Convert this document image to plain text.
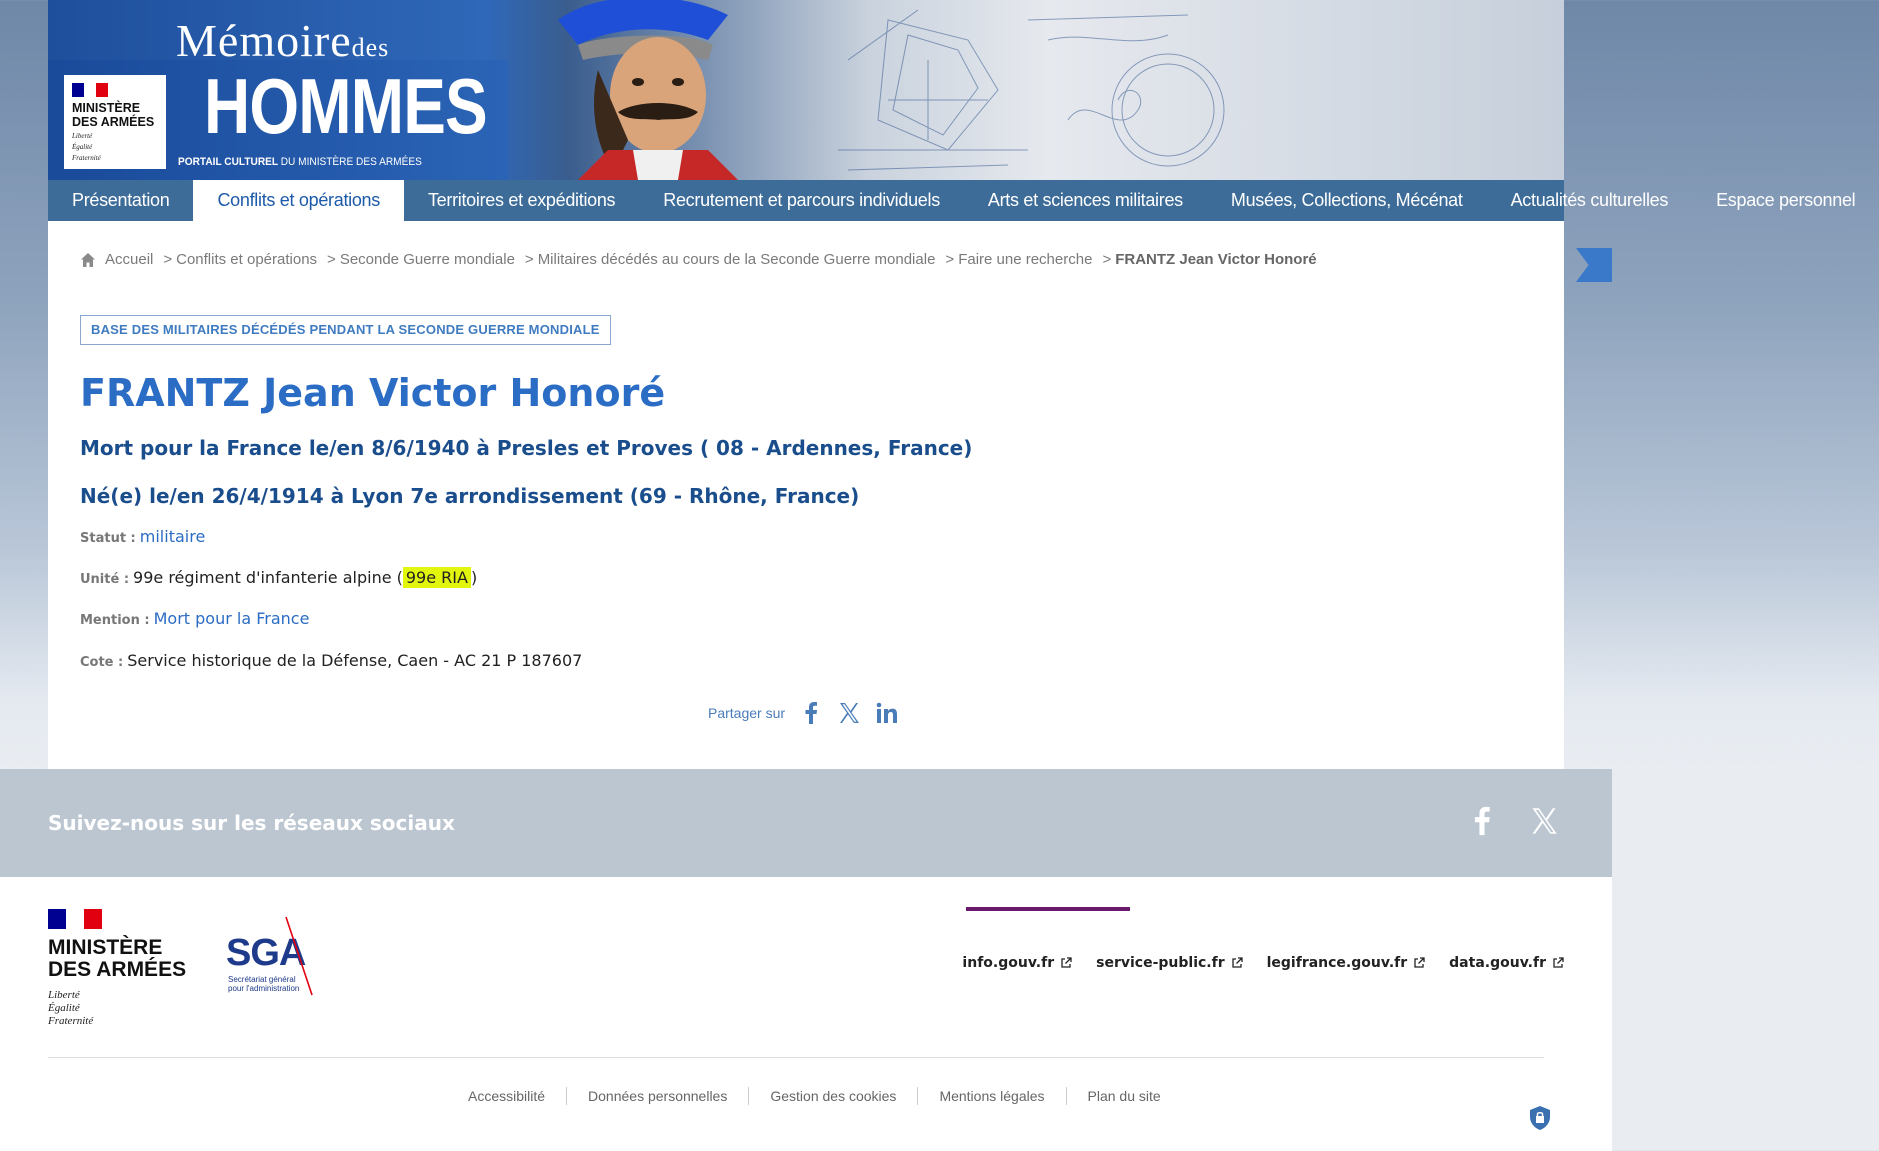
MINISTÈRE
DES ARMÉES
Liberté
Égalité
Fraternité
Mémoiredes
HOMMES
PORTAIL CULTUREL DU MINISTÈRE DES ARMÉES
Présentation	Conflits et opérations	Territoires et expéditions	Recrutement et parcours individuels	Arts et sciences militaires	Musées, Collections, Mécénat	Actualités culturelles	Espace personnel
Accueil > Conflits et opérations > Seconde Guerre mondiale > Militaires décédés au cours de la Seconde Guerre mondiale > Faire une recherche > FRANTZ Jean Victor Honoré
BASE DES MILITAIRES DÉCÉDÉS PENDANT LA SECONDE GUERRE MONDIALE
FRANTZ Jean Victor Honoré
Mort pour la France le/en 8/6/1940 à Presles et Proves ( 08 - Ardennes, France)
Né(e) le/en 26/4/1914 à Lyon 7e arrondissement (69 - Rhône, France)
Statut : militaire
Unité : 99e régiment d'infanterie alpine ( 99e RIA )
Mention : Mort pour la France
Cote : Service historique de la Défense, Caen - AC 21 P 187607
Partager sur
Suivez-nous sur les réseaux sociaux
MINISTÈRE
DES ARMÉES
Liberté
Égalité
Fraternité
SGA
Secrétariat général
pour l'administration
info.gouv.fr	service-public.fr	legifrance.gouv.fr	data.gouv.fr
Accessibilité	Données personnelles	Gestion des cookies	Mentions légales	Plan du site
